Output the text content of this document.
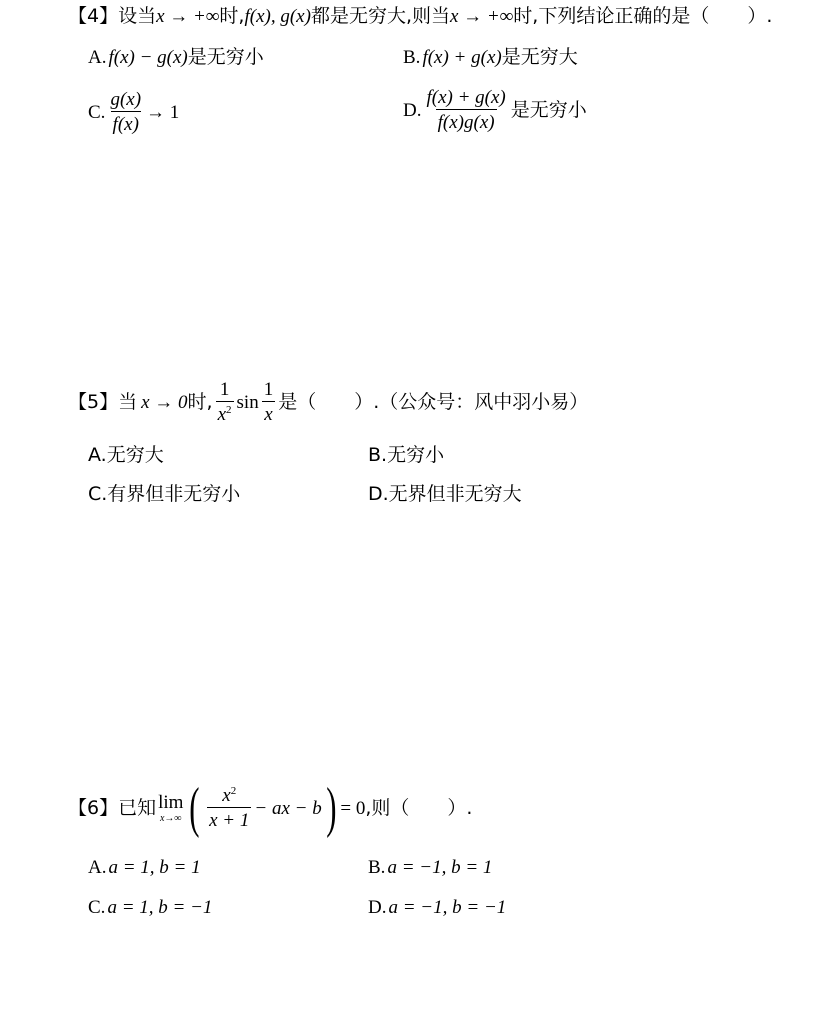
【4】 设当 x → +∞ 时, f(x), g(x) 都是无穷大,则当 x → +∞ 时,下列结论正确的是（　　）.
A. f(x) − g(x) 是无穷小	B. f(x) + g(x) 是无穷大
C. $\frac{g(x)}{f(x)} \to 1$	D. $\frac{f(x) + g(x)}{f(x)g(x)}$ 是无穷小
【5】 当 x → 0 时, $\frac{1}{x^2}$ $\sin \frac{1}{x}$ 是（　　）.（公众号：风中羽小易）
A.无穷大	B.无穷小
C.有界但非无穷小	D.无界但非无穷大
【6】 已知 lim
x→∞ ( $\frac{x^2}{x + 1}$ − ax − b ) = 0 ,则（　　）.
A. a = 1, b = 1	B. a = −1, b = 1
C. a = 1, b = −1	D. a = −1, b = −1
